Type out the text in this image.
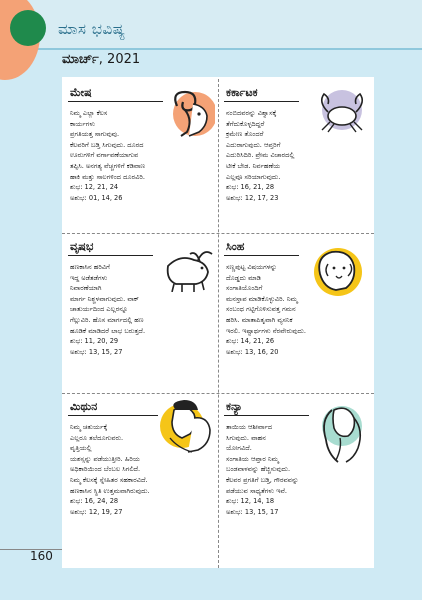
ಮಾಸ ಭವಿಷ್ಯ
ಮಾರ್ಚ್, 2021
ಮೇಷ
ನಿಮ್ಮ ಎಲ್ಲಾ ಕೆಲಸ
ಕಾರ್ಯಗಳು
ಪ್ರಗತಿಯತ್ತ ಸಾಗುವುವು.
ಕೆಲವರಿಗೆ ಬಡ್ತಿ ಸಿಗುವುದು. ದೂರದ
ಊರುಗಳಿಗೆ ವರ್ಗಾವಣೆಯಾಗುವ
ತಪ್ಪಿಸಿ. ಅನಗತ್ಯ ವೆಚ್ಚಗಳಿಗೆ ಕಡಿವಾಣ
ಹಾಕಿ ಮತ್ತು ಸಾಲಗಳಿಂದ ದೂರವಿರಿ.
ಶುಭ: 12, 21, 24
ಅಶುಭ: 01, 14, 26
ಕರ್ಕಾಟಕ
ನಂಬಿದವರನ್ನು ವಿಶ್ವಾಸಕ್ಕೆ
ತೆಗೆದುಕೊಳ್ಳದಿದ್ದರೆ
ಕ್ರಮೇಣ ತೊಂದರೆ
ಎದುರಾಗುವುದು. ಆಪ್ತರಿಗೆ
ಎದುರಿಸಿದಿರಿ. ಪ್ರೇಮ ವಿಚಾರದಲ್ಲಿ
ಟೀಕೆ ಬೇಡ. ನಿರ್ವಹಣೆಯ
ಎಲ್ಲವೂ ಸರಿಯಾಗುವುದು.
ಶುಭ: 16, 21, 28
ಅಶುಭ: 12, 17, 23
ವೃಷಭ
ಹಣಕಾಸಿನ ಹರಿವಿಗೆ
ಇದ್ದ ಅಡೆತಡೆಗಳು
ನಿವಾರಣೆಯಾಗಿ
ಮಾರ್ಗ ನಿಶ್ಚಳವಾಗುವುದು. ವಾಕ್
ಚಾತುರ್ಯದಿಂದ ಎಲ್ಲರನ್ನೂ
ಗೆಲ್ಲುವಿರಿ. ಹೊಸ ಮಾರ್ಗದಲ್ಲಿ ಹಣ
ಹೂಡಿಕೆ ಮಾಡಿದರೆ ಲಾಭ ಬರುತ್ತದೆ.
ಶುಭ: 11, 20, 29
ಅಶುಭ: 13, 15, 27
ಸಿಂಹ
ಸಣ್ಣಪುಟ್ಟ ವಿಷಯಗಳನ್ನು
ದೊಡ್ಡದು ಮಾಡಿ
ಸಂಗಾತಿಯೊಂದಿಗೆ
ಮನಸ್ತಾಪ ಮಾಡಿಕೊಳ್ಳುವಿರಿ. ನಿಮ್ಮ
ಸಂಬಂಧ ಗಟ್ಟಿಗೊಳಿಸುವತ್ತ ಗಮನ
ಹರಿಸಿ. ಮಾತಾಪಿತೃವಾಗಿ ವ್ಯಸನಿಕ
ಇರಲಿ. ಇಷ್ಟಾರ್ಥಗಳು ನೆರವೇರುವುದು.
ಶುಭ: 14, 21, 26
ಅಶುಭ: 13, 16, 20
ಮಿಥುನ
ನಿಮ್ಮ ಚತುರ್ಯಕ್ಕೆ
ಎಲ್ಲರೂ ತಲೆದೂಗುವರು.
ವೃತ್ತಿಯಲ್ಲಿ
ಯಶಸ್ಸನ್ನು ಪಡೆಯುತ್ತೀರಿ. ಹಿರಿಯ
ಅಧಿಕಾರಿಯಿಂದ ಬೆಂಬಲ ಸಿಗಲಿದೆ.
ನಿಮ್ಮ ಕೆಲಸಕ್ಕೆ ಸ್ನೇಹಿತರ ಸಹಕಾರವಿದೆ.
ಹಣಕಾಸಿನ ಸ್ಥಿತಿ ಉತ್ತಮವಾಗಿರುವುದು.
ಶುಭ: 16, 24, 28
ಅಶುಭ: 12, 19, 27
ಕನ್ಯಾ
ತಾಯಿಯ ಆಶೀರ್ವಾದ
ಸಿಗುವುದು. ವಾಹನ
ಯೋಗವಿದೆ.
ಸಂಗಾತಿಯ ಆಪ್ತಾರ ನಿಮ್ಮ
ಬಂಡವಾಳವನ್ನು ಹೆಚ್ಚಿಸುವುದು.
ಕೆಲವರ ಪ್ರಗತಿಗೆ ಬಡ್ತಿ, ಗೌರವವನ್ನು
ಪಡೆಯುವ ಸಾಧ್ಯತೆಗಳು ಇವೆ.
ಶುಭ: 12, 14, 18
ಅಶುಭ: 13, 15, 17
160
